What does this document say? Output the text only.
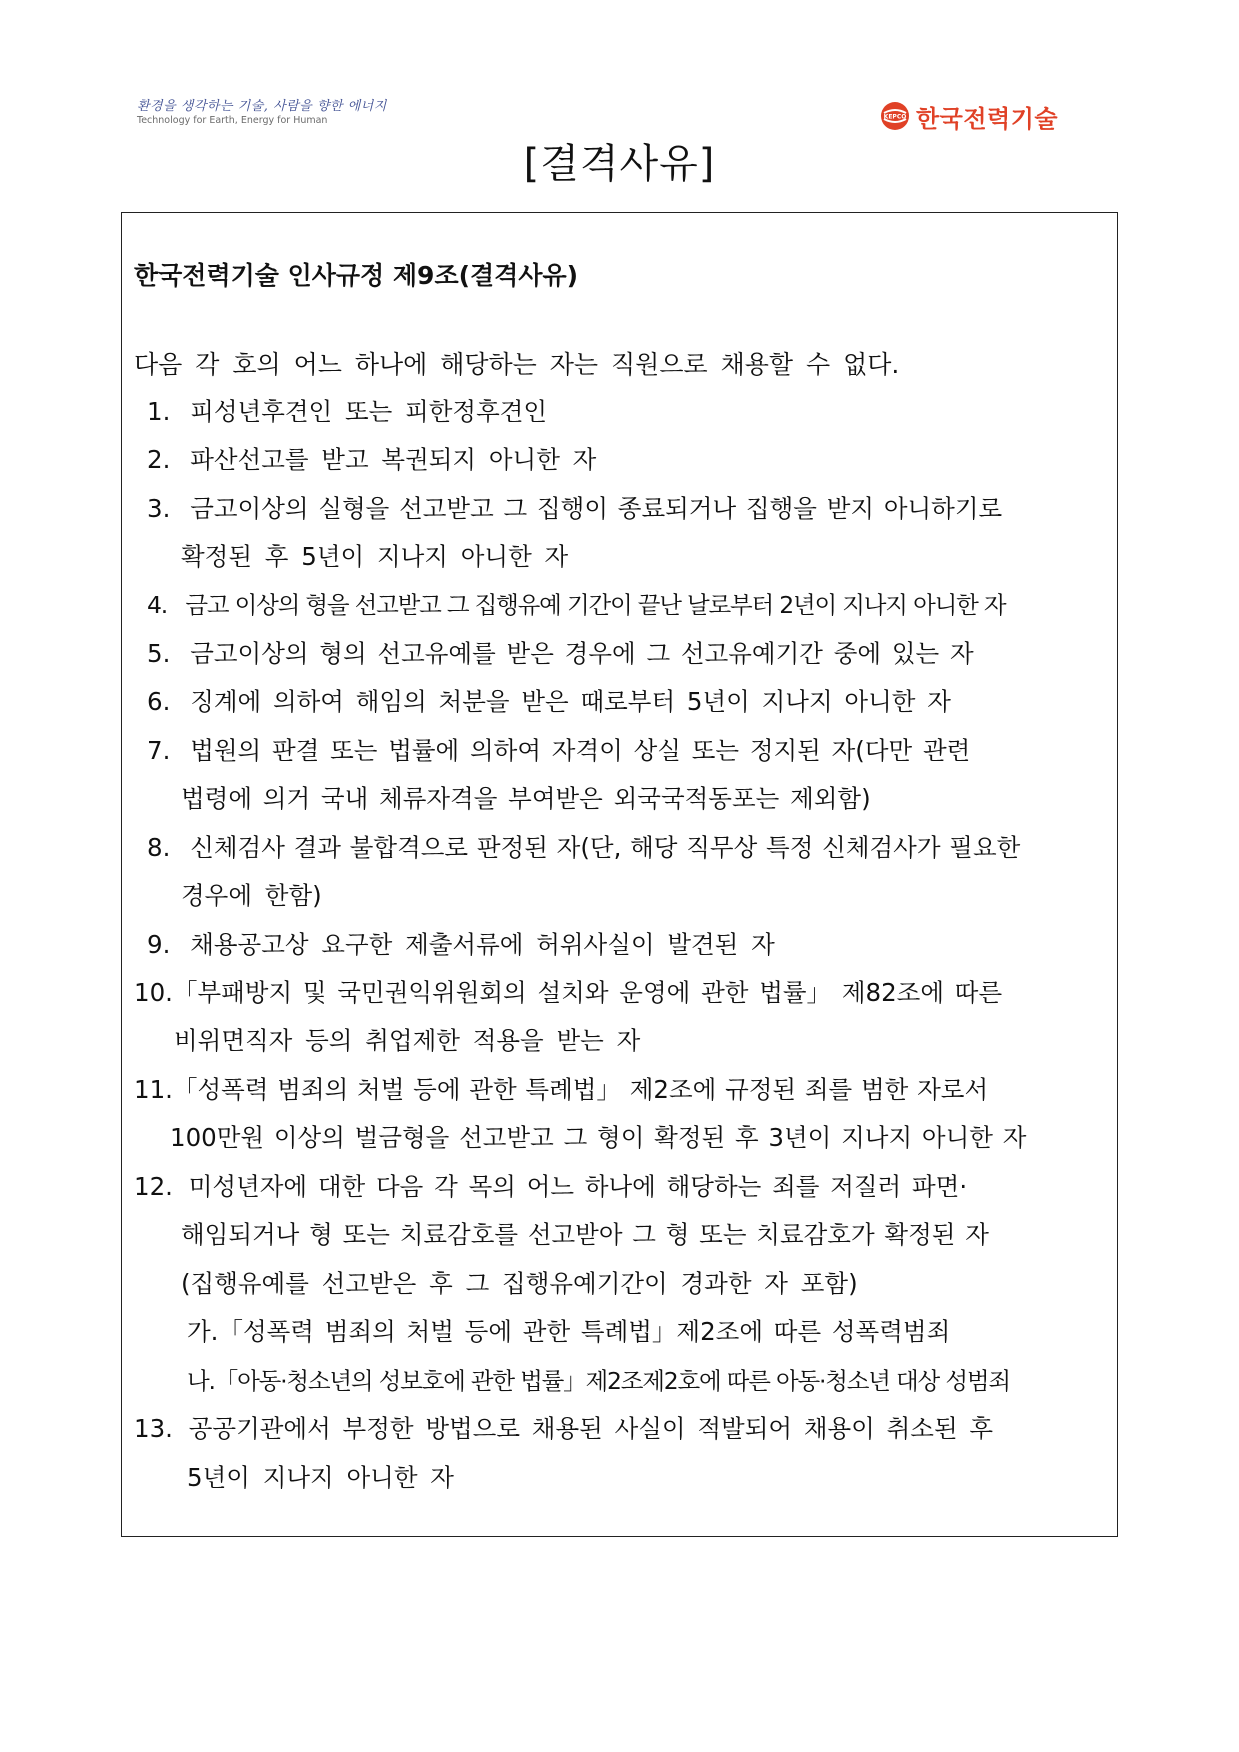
환경을 생각하는 기술, 사람을 향한 에너지
Technology for Earth, Energy for Human	KEPCO 한국전력기술
[결격사유]
한국전력기술 인사규정 제9조(결격사유)
다음 각 호의 어느 하나에 해당하는 자는 직원으로 채용할 수 없다.
1. 피성년후견인 또는 피한정후견인
2. 파산선고를 받고 복권되지 아니한 자
3. 금고이상의 실형을 선고받고 그 집행이 종료되거나 집행을 받지 아니하기로
확정된 후 5년이 지나지 아니한 자
4. 금고 이상의 형을 선고받고 그 집행유예 기간이 끝난 날로부터 2년이 지나지 아니한 자
5. 금고이상의 형의 선고유예를 받은 경우에 그 선고유예기간 중에 있는 자
6. 징계에 의하여 해임의 처분을 받은 때로부터 5년이 지나지 아니한 자
7. 법원의 판결 또는 법률에 의하여 자격이 상실 또는 정지된 자(다만 관련
법령에 의거 국내 체류자격을 부여받은 외국국적동포는 제외함)
8. 신체검사 결과 불합격으로 판정된 자(단, 해당 직무상 특정 신체검사가 필요한
경우에 한함)
9. 채용공고상 요구한 제출서류에 허위사실이 발견된 자
10.「부패방지 및 국민권익위원회의 설치와 운영에 관한 법률」 제82조에 따른
비위면직자 등의 취업제한 적용을 받는 자
11.「성폭력 범죄의 처벌 등에 관한 특례법」 제2조에 규정된 죄를 범한 자로서
100만원 이상의 벌금형을 선고받고 그 형이 확정된 후 3년이 지나지 아니한 자
12. 미성년자에 대한 다음 각 목의 어느 하나에 해당하는 죄를 저질러 파면·
해임되거나 형 또는 치료감호를 선고받아 그 형 또는 치료감호가 확정된 자
(집행유예를 선고받은 후 그 집행유예기간이 경과한 자 포함)
가.「성폭력 범죄의 처벌 등에 관한 특례법」제2조에 따른 성폭력범죄
나.「아동·청소년의 성보호에 관한 법률」제2조제2호에 따른 아동·청소년 대상 성범죄
13. 공공기관에서 부정한 방법으로 채용된 사실이 적발되어 채용이 취소된 후
5년이 지나지 아니한 자
